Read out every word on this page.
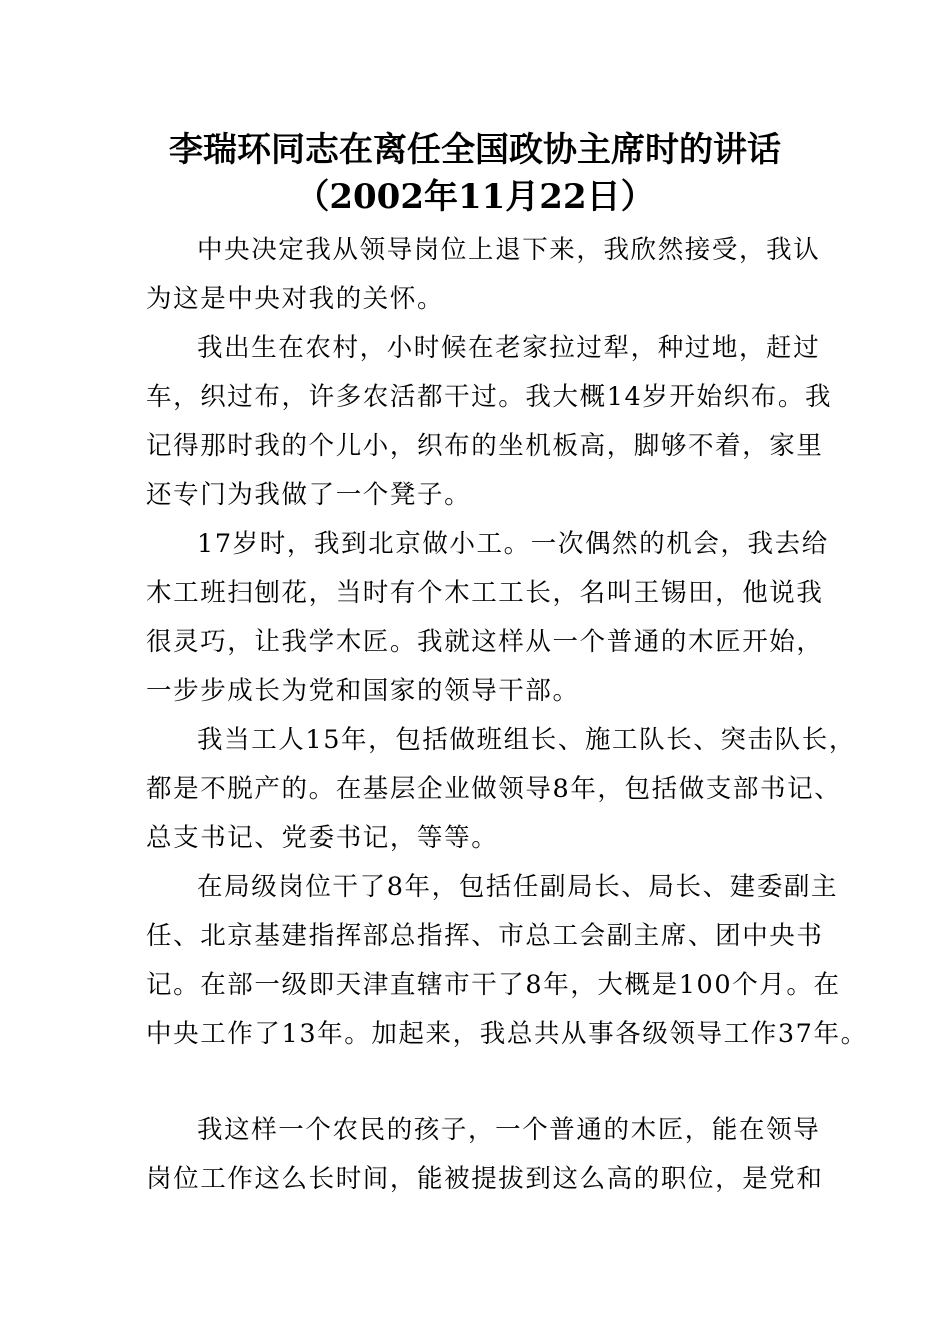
李瑞环同志在离任全国政协主席时的讲话
（2002年11月22日）
中央决定我从领导岗位上退下来，我欣然接受，我认
为这是中央对我的关怀。
我出生在农村，小时候在老家拉过犁，种过地，赶过
车，织过布，许多农活都干过。我大概14岁开始织布。我
记得那时我的个儿小，织布的坐机板高，脚够不着，家里
还专门为我做了一个凳子。
17岁时，我到北京做小工。一次偶然的机会，我去给
木工班扫刨花，当时有个木工工长，名叫王锡田，他说我
很灵巧，让我学木匠。我就这样从一个普通的木匠开始，
一步步成长为党和国家的领导干部。
我当工人15年，包括做班组长、施工队长、突击队长，
都是不脱产的。在基层企业做领导8年，包括做支部书记、
总支书记、党委书记，等等。
在局级岗位干了8年，包括任副局长、局长、建委副主
任、北京基建指挥部总指挥、市总工会副主席、团中央书
记。在部一级即天津直辖市干了8年，大概是100个月。在
中央工作了13年。加起来，我总共从事各级领导工作37年。
我这样一个农民的孩子，一个普通的木匠，能在领导
岗位工作这么长时间，能被提拔到这么高的职位，是党和
